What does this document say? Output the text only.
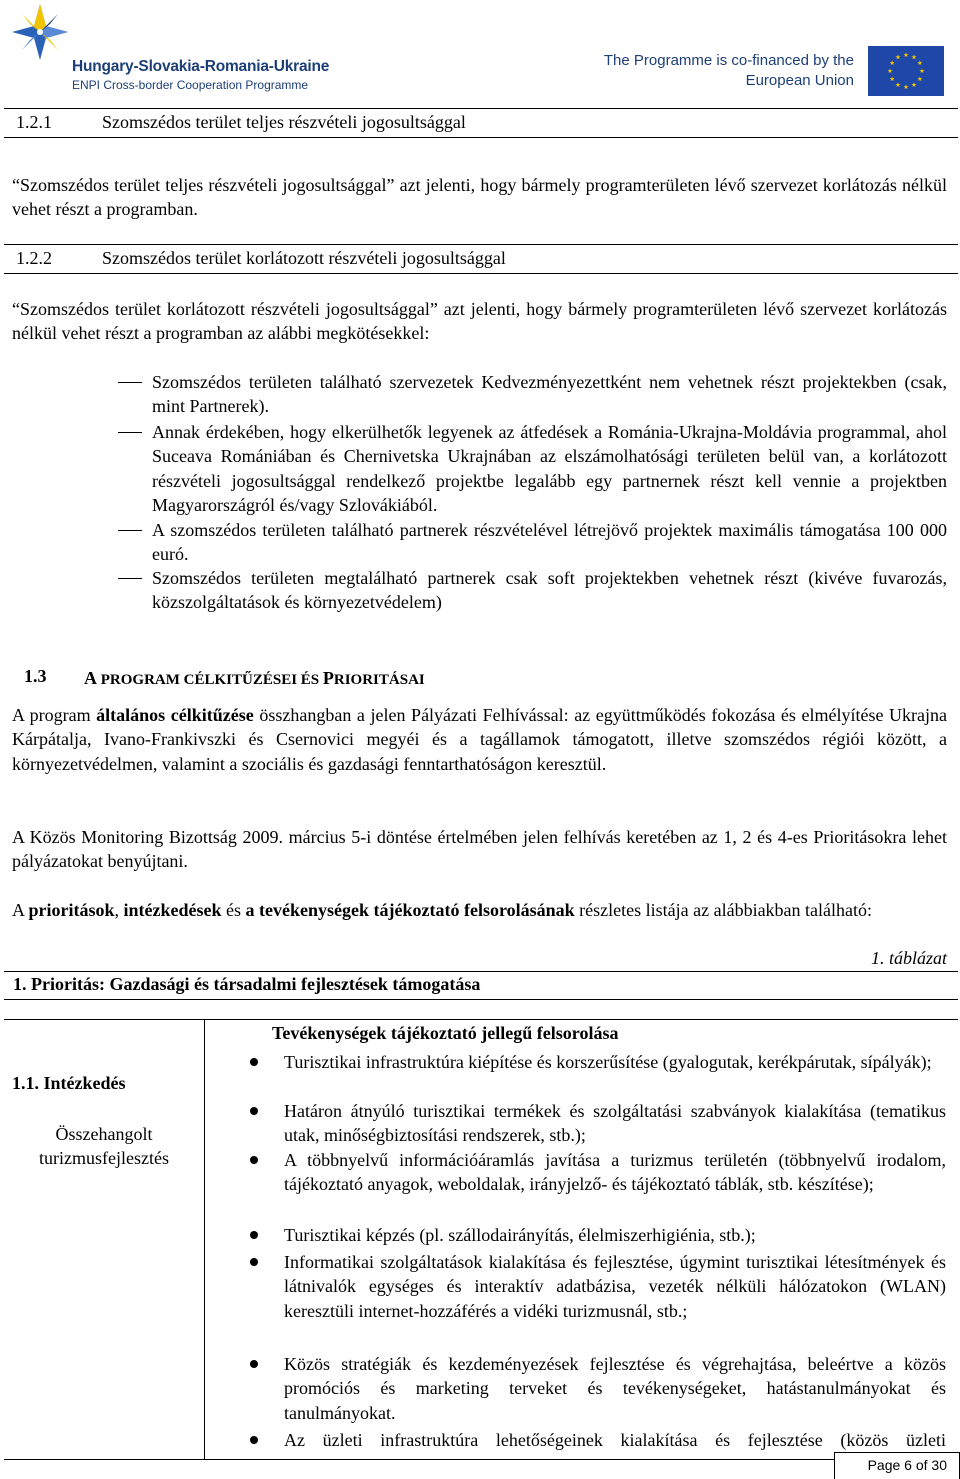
Hungary-Slovakia-Romania-Ukraine
ENPI Cross-border Cooperation Programme
The Programme is co-financed by the
European Union
1.2.1	Szomszédos terület teljes részvételi jogosultsággal
“Szomszédos terület teljes részvételi jogosultsággal” azt jelenti, hogy bármely programterületen lévő szervezet korlátozás nélkül vehet részt a programban.
1.2.2	Szomszédos terület korlátozott részvételi jogosultsággal
“Szomszédos terület korlátozott részvételi jogosultsággal” azt jelenti, hogy bármely programterületen lévő szervezet korlátozás nélkül vehet részt a programban az alábbi megkötésekkel:
Szomszédos területen található szervezetek Kedvezményezettként nem vehetnek részt projektekben (csak, mint Partnerek).
Annak érdekében, hogy elkerülhetők legyenek az átfedések a Románia-Ukrajna-Moldávia programmal, ahol Suceava Romániában és Chernivetska Ukrajnában az elszámolhatósági területen belül van, a korlátozott részvételi jogosultsággal rendelkező projektbe legalább egy partnernek részt kell vennie a projektben Magyarországról és/vagy Szlovákiából.
A szomszédos területen található partnerek részvételével létrejövő projektek maximális támogatása 100 000 euró.
Szomszédos területen megtalálható partnerek csak soft projektekben vehetnek részt (kivéve fuvarozás, közszolgáltatások és környezetvédelem)
1.3 A PROGRAM CÉLKITŰZÉSEI ÉS PRIORITÁSAI
A program általános célkitűzése összhangban a jelen Pályázati Felhívással: az együttműködés fokozása és elmélyítése Ukrajna Kárpátalja, Ivano-Frankivszki és Csernovici megyéi és a tagállamok támogatott, illetve szomszédos régiói között, a környezetvédelmen, valamint a szociális és gazdasági fenntarthatóságon keresztül.
A Közös Monitoring Bizottság 2009. március 5-i döntése értelmében jelen felhívás keretében az 1, 2 és 4-es Prioritásokra lehet pályázatokat benyújtani.
A prioritások, intézkedések és a tevékenységek tájékoztató felsorolásának részletes listája az alábbiakban található:
1. táblázat
1. Prioritás: Gazdasági és társadalmi fejlesztések támogatása
Tevékenységek tájékoztató jellegű felsorolása
1.1. Intézkedés
Összehangolt
turizmusfejlesztés
Turisztikai infrastruktúra kiépítése és korszerűsítése (gyalogutak, kerékpárutak, sípályák);
Határon átnyúló turisztikai termékek és szolgáltatási szabványok kialakítása (tematikus utak, minőségbiztosítási rendszerek, stb.);
A többnyelvű információáramlás javítása a turizmus területén (többnyelvű irodalom, tájékoztató anyagok, weboldalak, irányjelző- és tájékoztató táblák, stb. készítése);
Turisztikai képzés (pl. szállodairányítás, élelmiszerhigiénia, stb.);
Informatikai szolgáltatások kialakítása és fejlesztése, úgymint turisztikai létesítmények és látnivalók egységes és interaktív adatbázisa, vezeték nélküli hálózatokon (WLAN) keresztüli internet-hozzáférés a vidéki turizmusnál, stb.;
Közös stratégiák és kezdeményezések fejlesztése és végrehajtása, beleértve a közös promóciós és marketing terveket és tevékenységeket, hatástanulmányokat és tanulmányokat.
Az üzleti infrastruktúra lehetőségeinek kialakítása és fejlesztése (közös üzleti
Page 6 of 30
